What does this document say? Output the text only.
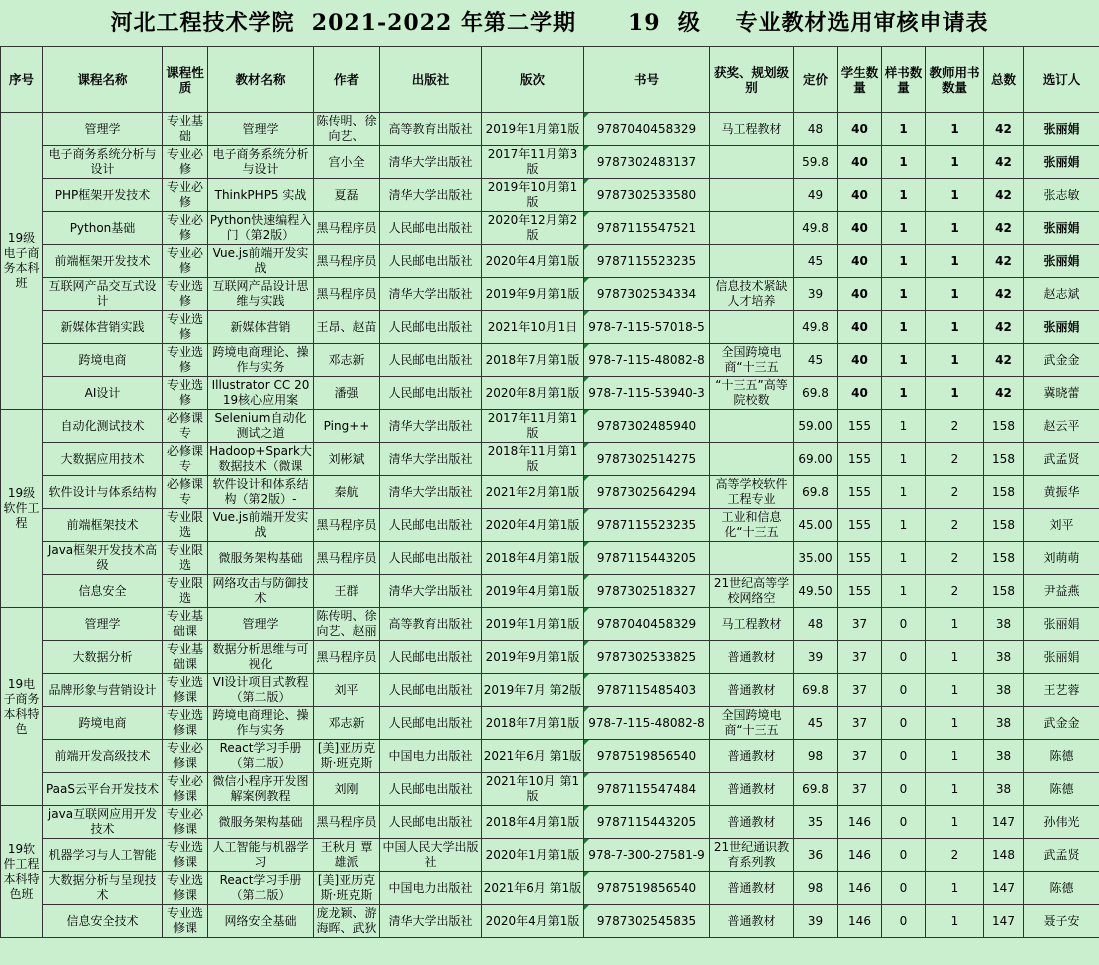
河北工程技术学院  2021-2022 年第二学期      19  级    专业教材选用审核申请表
序号	课程名称	课程性质	教材名称	作者	出版社	版次	书号	获奖、规划级别	定价	学生数量	样书数量	教师用书数量	总数	选订人
19级电子商务本科班	管理学	专业基础	管理学	陈传明、徐向艺、	高等教育出版社	2019年1月第1版	9787040458329	马工程教材	48	40	1	1	42	张丽娟

	电子商务系统分析与设计	专业必修	电子商务系统分析与设计	宫小全	清华大学出版社	2017年11月第3版	9787302483137		59.8	40	1	1	42	张丽娟

	PHP框架开发技术	专业必修	ThinkPHP5 实战	夏磊	清华大学出版社	2019年10月第1版	9787302533580		49	40	1	1	42	张志敏

	Python基础	专业必修	Python快速编程入门（第2版）	黑马程序员	人民邮电出版社	2020年12月第2版	9787115547521		49.8	40	1	1	42	张丽娟

	前端框架开发技术	专业必修	Vue.js前端开发实战	黑马程序员	人民邮电出版社	2020年4月第1版	9787115523235		45	40	1	1	42	张丽娟

	互联网产品交互式设计	专业选修	互联网产品设计思维与实践	黑马程序员	清华大学出版社	2019年9月第1版	9787302534334	信息技术紧缺人才培养	39	40	1	1	42	赵志斌

	新媒体营销实践	专业选修	新媒体营销	王昂、赵苗	人民邮电出版社	2021年10月1日	978-7-115-57018-5		49.8	40	1	1	42	张丽娟

	跨境电商	专业选修	跨境电商理论、操作与实务	邓志新	人民邮电出版社	2018年7月第1版	978-7-115-48082-8	全国跨境电商“十三五	45	40	1	1	42	武金金

	AI设计	专业选修	Illustrator CC 2019核心应用案	潘强	人民邮电出版社	2020年8月第1版	978-7-115-53940-3	“十三五”高等院校数	69.8	40	1	1	42	冀晓蕾

19级软件工程	自动化测试技术	必修课专	Selenium自动化测试之道	Ping++	清华大学出版社	2017年11月第1版	9787302485940		59.00	155	1	2	158	赵云平

	大数据应用技术	必修课专	Hadoop+Spark大数据技术（微课	刘彬斌	清华大学出版社	2018年11月第1版	9787302514275		69.00	155	1	2	158	武孟贤

	软件设计与体系结构	必修课专	软件设计和体系结构（第2版）-	秦航	清华大学出版社	2021年2月第1版	9787302564294	高等学校软件工程专业	69.8	155	1	2	158	黄振华

	前端框架技术	专业限选	Vue.js前端开发实战	黑马程序员	人民邮电出版社	2020年4月第1版	9787115523235	工业和信息化“十三五	45.00	155	1	2	158	刘平

	Java框架开发技术高级	专业限选	微服务架构基础	黑马程序员	人民邮电出版社	2018年4月第1版	9787115443205		35.00	155	1	2	158	刘萌萌

	信息安全	专业限选	网络攻击与防御技术	王群	清华大学出版社	2019年4月第1版	9787302518327	21世纪高等学校网络空	49.50	155	1	2	158	尹益燕

19电子商务本科特色	管理学	专业基础课	管理学	陈传明、徐向艺、赵丽	高等教育出版社	2019年1月第1版	9787040458329	马工程教材	48	37	0	1	38	张丽娟

	大数据分析	专业基础课	数据分析思维与可视化	黑马程序员	人民邮电出版社	2019年9月第1版	9787302533825	普通教材	39	37	0	1	38	张丽娟

	品牌形象与营销设计	专业选修课	VI设计项目式教程（第二版）	刘平	人民邮电出版社	2019年7月 第2版	9787115485403	普通教材	69.8	37	0	1	38	王艺蓉

	跨境电商	专业选修课	跨境电商理论、操作与实务	邓志新	人民邮电出版社	2018年7月第1版	978-7-115-48082-8	全国跨境电商“十三五	45	37	0	1	38	武金金

	前端开发高级技术	专业必修课	React学习手册（第二版）	[美]亚历克斯·班克斯	中国电力出版社	2021年6月 第1版	9787519856540	普通教材	98	37	0	1	38	陈德

	PaaS云平台开发技术	专业必修课	微信小程序开发图解案例教程	刘刚	人民邮电出版社	2021年10月 第1版	9787115547484	普通教材	69.8	37	0	1	38	陈德

19软件工程本科特色班	java互联网应用开发技术	专业必修课	微服务架构基础	黑马程序员	人民邮电出版社	2018年4月第1版	9787115443205	普通教材	35	146	0	1	147	孙伟光

	机器学习与人工智能	专业选修课	人工智能与机器学习	王秋月 覃雄派	中国人民大学出版社	2020年1月第1版	978-7-300-27581-9	21世纪通识教育系列教	36	146	0	2	148	武孟贤

	大数据分析与呈现技术	专业选修课	React学习手册（第二版）	[美]亚历克斯·班克斯	中国电力出版社	2021年6月 第1版	9787519856540	普通教材	98	146	0	1	147	陈德

	信息安全技术	专业选修课	网络安全基础	庞龙颖、游海晖、武狄	清华大学出版社	2020年4月第1版	9787302545835	普通教材	39	146	0	1	147	聂子安
